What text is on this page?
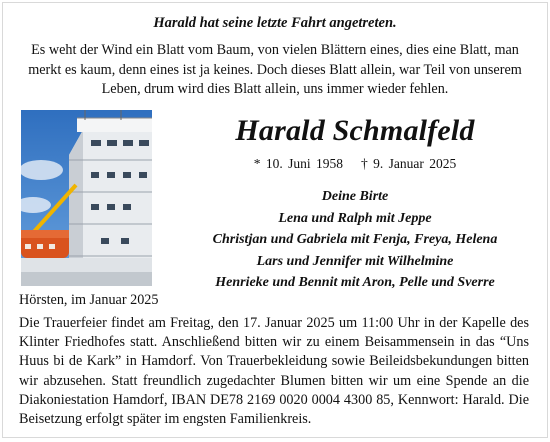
Harald hat seine letzte Fahrt angetreten.
Es weht der Wind ein Blatt vom Baum, von vielen Blättern eines, dies eine Blatt, man
merkt es kaum, denn eines ist ja keines. Doch dieses Blatt allein, war Teil von unserem
Leben, drum wird dies Blatt allein, uns immer wieder fehlen.
Harald Schmalfeld
* 10. Juni 1958 † 9. Januar 2025
Deine Birte
Lena und Ralph mit Jeppe
Christjan und Gabriela mit Fenja, Freya, Helena
Lars und Jennifer mit Wilhelmine
Henrieke und Bennit mit Aron, Pelle und Sverre
Hörsten, im Januar 2025
Die Trauerfeier findet am Freitag, den 17. Januar 2025 um 11:00 Uhr in der Kapelle des Klinter Friedhofes statt. Anschließend bitten wir zu einem Beisammensein in das “Uns Huus bi de Kark” in Hamdorf. Von Trauerbekleidung sowie Beileidsbekundungen bitten wir abzusehen. Statt freundlich zugedachter Blumen bitten wir um eine Spende an die Diakoniestation Hamdorf, IBAN DE78 2169 0020 0004 4300 85, Kennwort: Harald. Die Beisetzung erfolgt später im engsten Familienkreis.
